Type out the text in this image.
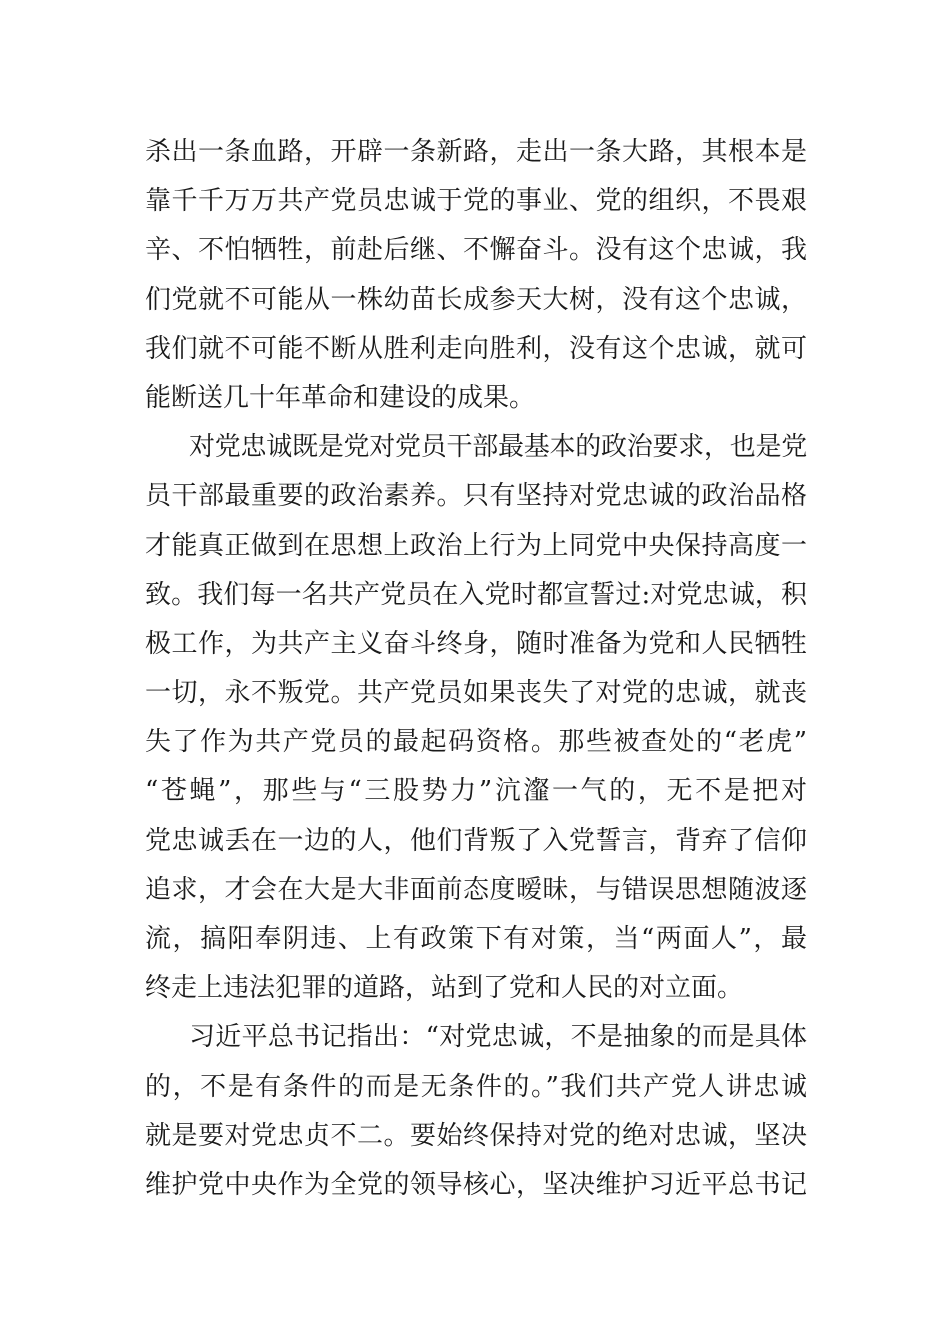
杀出一条血路，开辟一条新路，走出一条大路，其根本是
靠千千万万共产党员忠诚于党的事业、党的组织，不畏艰
辛、不怕牺牲，前赴后继、不懈奋斗。没有这个忠诚，我
们党就不可能从一株幼苗长成参天大树，没有这个忠诚，
我们就不可能不断从胜利走向胜利，没有这个忠诚，就可
能断送几十年革命和建设的成果。
对党忠诚既是党对党员干部最基本的政治要求，也是党
员干部最重要的政治素养。只有坚持对党忠诚的政治品格
才能真正做到在思想上政治上行为上同党中央保持高度一
致。我们每一名共产党员在入党时都宣誓过:对党忠诚，积
极工作，为共产主义奋斗终身，随时准备为党和人民牺牲
一切，永不叛党。共产党员如果丧失了对党的忠诚，就丧
失了作为共产党员的最起码资格。那些被查处的“老虎”
“苍蝇”，那些与“三股势力”沆瀣一气的，无不是把对
党忠诚丢在一边的人，他们背叛了入党誓言，背弃了信仰
追求，才会在大是大非面前态度暧昧，与错误思想随波逐
流，搞阳奉阴违、上有政策下有对策，当“两面人”，最
终走上违法犯罪的道路，站到了党和人民的对立面。
习近平总书记指出：“对党忠诚，不是抽象的而是具体
的，不是有条件的而是无条件的。”我们共产党人讲忠诚
就是要对党忠贞不二。要始终保持对党的绝对忠诚，坚决
维护党中央作为全党的领导核心，坚决维护习近平总书记
